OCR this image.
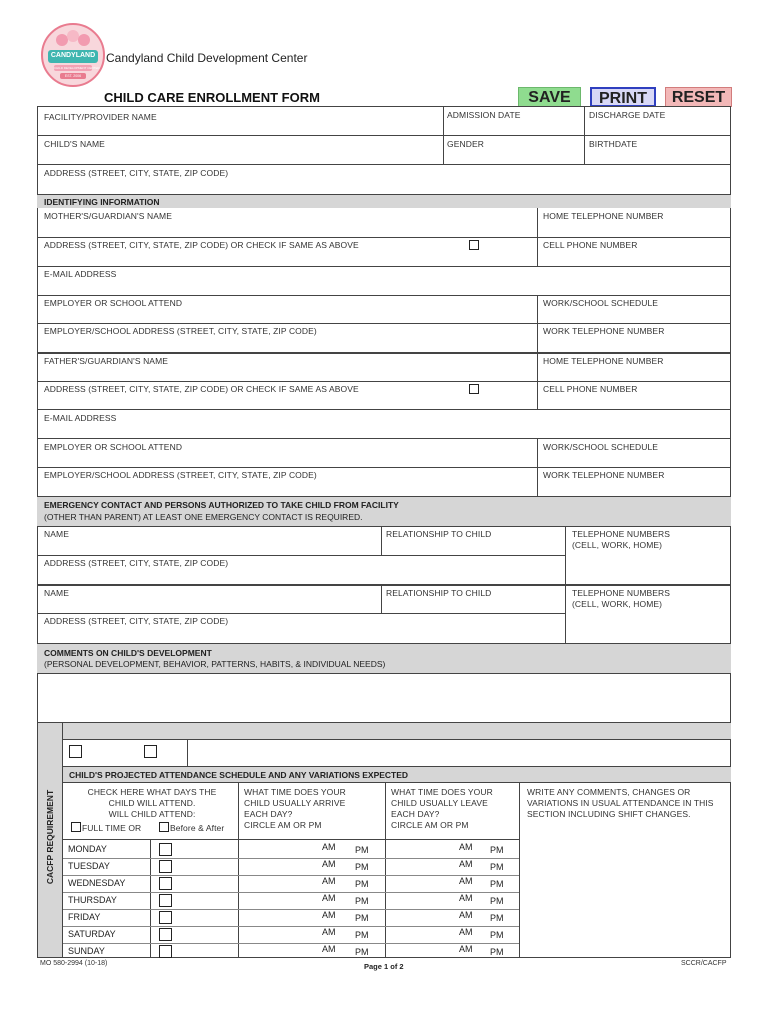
CANDYLAND
CHILD DEVELOPMENT CENTER
EST. 2006
Candyland Child Development Center
CHILD CARE ENROLLMENT FORM	SAVE	PRINT	RESET
FACILITY/PROVIDER NAME	ADMISSION DATE	DISCHARGE DATE
CHILD'S NAME	GENDER	BIRTHDATE
ADDRESS (STREET, CITY, STATE, ZIP CODE)
IDENTIFYING INFORMATION
MOTHER'S/GUARDIAN'S NAME	HOME TELEPHONE NUMBER
ADDRESS (STREET, CITY, STATE, ZIP CODE) OR CHECK IF SAME AS ABOVE	CELL PHONE NUMBER
E-MAIL ADDRESS
EMPLOYER OR SCHOOL ATTEND	WORK/SCHOOL SCHEDULE
EMPLOYER/SCHOOL ADDRESS (STREET, CITY, STATE, ZIP CODE)	WORK TELEPHONE NUMBER
FATHER'S/GUARDIAN'S NAME	HOME TELEPHONE NUMBER
ADDRESS (STREET, CITY, STATE, ZIP CODE) OR CHECK IF SAME AS ABOVE	CELL PHONE NUMBER
E-MAIL ADDRESS
EMPLOYER OR SCHOOL ATTEND	WORK/SCHOOL SCHEDULE
EMPLOYER/SCHOOL ADDRESS (STREET, CITY, STATE, ZIP CODE)	WORK TELEPHONE NUMBER
EMERGENCY CONTACT AND PERSONS AUTHORIZED TO TAKE CHILD FROM FACILITY
(OTHER THAN PARENT) AT LEAST ONE EMERGENCY CONTACT IS REQUIRED.
NAME	RELATIONSHIP TO CHILD	TELEPHONE NUMBERS
(CELL, WORK, HOME)
ADDRESS (STREET, CITY, STATE, ZIP CODE)
NAME	RELATIONSHIP TO CHILD	TELEPHONE NUMBERS
(CELL, WORK, HOME)
ADDRESS (STREET, CITY, STATE, ZIP CODE)
COMMENTS ON CHILD'S DEVELOPMENT
(PERSONAL DEVELOPMENT, BEHAVIOR, PATTERNS, HABITS, & INDIVIDUAL NEEDS)
CACFP REQUIREMENT
CHILD'S PROJECTED ATTENDANCE SCHEDULE AND ANY VARIATIONS EXPECTED
CHECK HERE WHAT DAYS THE
CHILD WILL ATTEND.
WILL CHILD ATTEND:
FULL TIME OR	Before & After
WHAT TIME DOES YOUR
CHILD USUALLY ARRIVE
EACH DAY?
CIRCLE AM OR PM
WHAT TIME DOES YOUR
CHILD USUALLY LEAVE
EACH DAY?
CIRCLE AM OR PM
WRITE ANY COMMENTS, CHANGES OR
VARIATIONS IN USUAL ATTENDANCE IN THIS
SECTION INCLUDING SHIFT CHANGES.
MONDAY	AM PM	AM PM
TUESDAY	AM PM	AM PM
WEDNESDAY	AM PM	AM PM
THURSDAY	AM PM	AM PM
FRIDAY	AM PM	AM PM
SATURDAY	AM PM	AM PM
SUNDAY	AM PM	AM PM
MO 580-2994 (10-18)	Page 1 of 2	SCCR/CACFP
